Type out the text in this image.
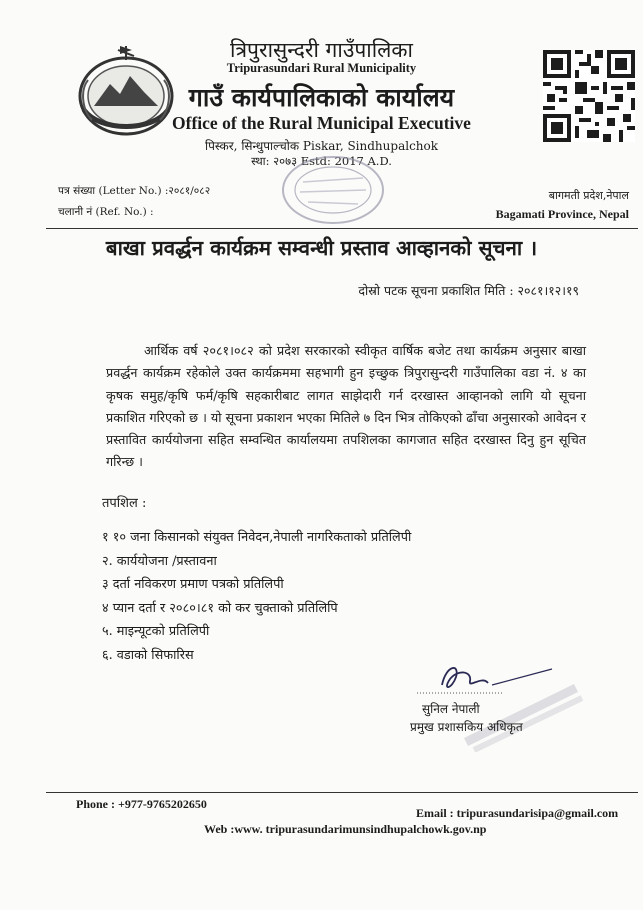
त्रिपुरासुन्दरी गाउँपालिका
Tripurasundari Rural Municipality
गाउँ कार्यपालिकाको कार्यालय
Office of the Rural Municipal Executive
पिस्कर, सिन्धुपाल्चोक Piskar, Sindhupalchok
स्था: २०७३ Estd: 2017 A.D.
पत्र संख्या (Letter No.) :२०८१/०८२
चलानी नं (Ref. No.) :
बागमती प्रदेश,नेपाल
Bagamati Province, Nepal
बाखा प्रवर्द्धन कार्यक्रम सम्वन्धी प्रस्ताव आव्हानको सूचना ।
दोस्रो पटक सूचना प्रकाशित मिति : २०८१।१२।१९
आर्थिक वर्ष २०८१।०८२ को प्रदेश सरकारको स्वीकृत वार्षिक बजेट तथा कार्यक्रम अनुसार बाखा प्रवर्द्धन कार्यक्रम रहेकोले उक्त कार्यक्रममा सहभागी हुन इच्छुक त्रिपुरासुन्दरी गाउँपालिका वडा नं. ४ का कृषक समुह/कृषि फर्म/कृषि सहकारीबाट लागत साझेदारी गर्न दरखास्त आव्हानको लागि यो सूचना प्रकाशित गरिएको छ । यो सूचना प्रकाशन भएका मितिले ७ दिन भित्र तोकिएको ढाँचा अनुसारको आवेदन र प्रस्तावित कार्ययोजना सहित सम्वन्धित कार्यालयमा तपशिलका कागजात सहित दरखास्त दिनु हुन सूचित गरिन्छ ।
तपशिल :
१ १० जना किसानको संयुक्त निवेदन,नेपाली नागरिकताको प्रतिलिपी
२. कार्ययोजना /प्रस्तावना
३ दर्ता नविकरण प्रमाण पत्रको प्रतिलिपी
४ प्यान दर्ता र २०८०।८१ को कर चुक्ताको प्रतिलिपि
५. माइन्यूटको प्रतिलिपी
६. वडाको सिफारिस
सुनिल नेपाली
प्रमुख प्रशासकिय अधिकृत
Phone : +977-9765202650
Email : tripurasundarisipa@gmail.com
Web :www. tripurasundarimunsindhupalchowk.gov.np
